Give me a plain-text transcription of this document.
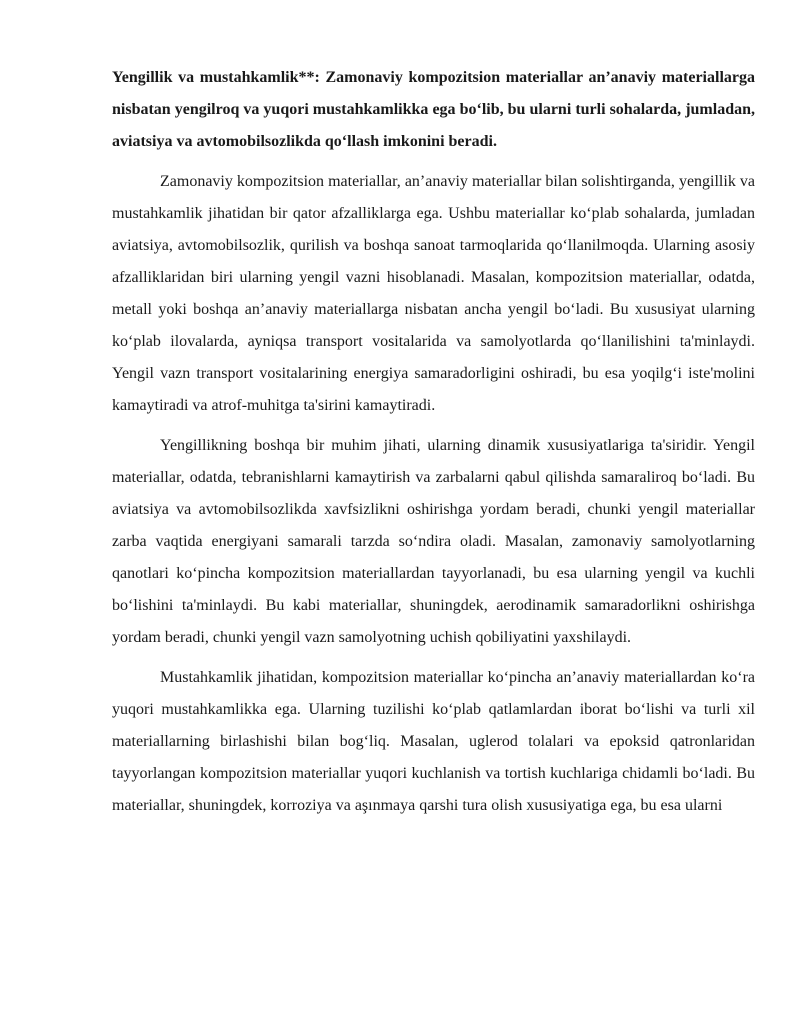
Yengillik va mustahkamlik**: Zamonaviy kompozitsion materiallar an’anaviy materiallarga nisbatan yengilroq va yuqori mustahkamlikka ega bo‘lib, bu ularni turli sohalarda, jumladan, aviatsiya va avtomobilsozlikda qo‘llash imkonini beradi.

Zamonaviy kompozitsion materiallar, an’anaviy materiallar bilan solishtirganda, yengillik va mustahkamlik jihatidan bir qator afzalliklarga ega. Ushbu materiallar ko‘plab sohalarda, jumladan aviatsiya, avtomobilsozlik, qurilish va boshqa sanoat tarmoqlarida qo‘llanilmoqda. Ularning asosiy afzalliklaridan biri ularning yengil vazni hisoblanadi. Masalan, kompozitsion materiallar, odatda, metall yoki boshqa an’anaviy materiallarga nisbatan ancha yengil bo‘ladi. Bu xususiyat ularning ko‘plab ilovalarda, ayniqsa transport vositalarida va samolyotlarda qo‘llanilishini ta'minlaydi. Yengil vazn transport vositalarining energiya samaradorligini oshiradi, bu esa yoqilg‘i iste'molini kamaytiradi va atrof-muhitga ta'sirini kamaytiradi.

Yengillikning boshqa bir muhim jihati, ularning dinamik xususiyatlariga ta'siridir. Yengil materiallar, odatda, tebranishlarni kamaytirish va zarbalarni qabul qilishda samaraliroq bo‘ladi. Bu aviatsiya va avtomobilsozlikda xavfsizlikni oshirishga yordam beradi, chunki yengil materiallar zarba vaqtida energiyani samarali tarzda so‘ndira oladi. Masalan, zamonaviy samolyotlarning qanotlari ko‘pincha kompozitsion materiallardan tayyorlanadi, bu esa ularning yengil va kuchli bo‘lishini ta'minlaydi. Bu kabi materiallar, shuningdek, aerodinamik samaradorlikni oshirishga yordam beradi, chunki yengil vazn samolyotning uchish qobiliyatini yaxshilaydi.

Mustahkamlik jihatidan, kompozitsion materiallar ko‘pincha an’anaviy materiallardan ko‘ra yuqori mustahkamlikka ega. Ularning tuzilishi ko‘plab qatlamlardan iborat bo‘lishi va turli xil materiallarning birlashishi bilan bog‘liq. Masalan, uglerod tolalari va epoksid qatronlaridan tayyorlangan kompozitsion materiallar yuqori kuchlanish va tortish kuchlariga chidamli bo‘ladi. Bu materiallar, shuningdek, korroziya va aşınmaya qarshi tura olish xususiyatiga ega, bu esa ularni
